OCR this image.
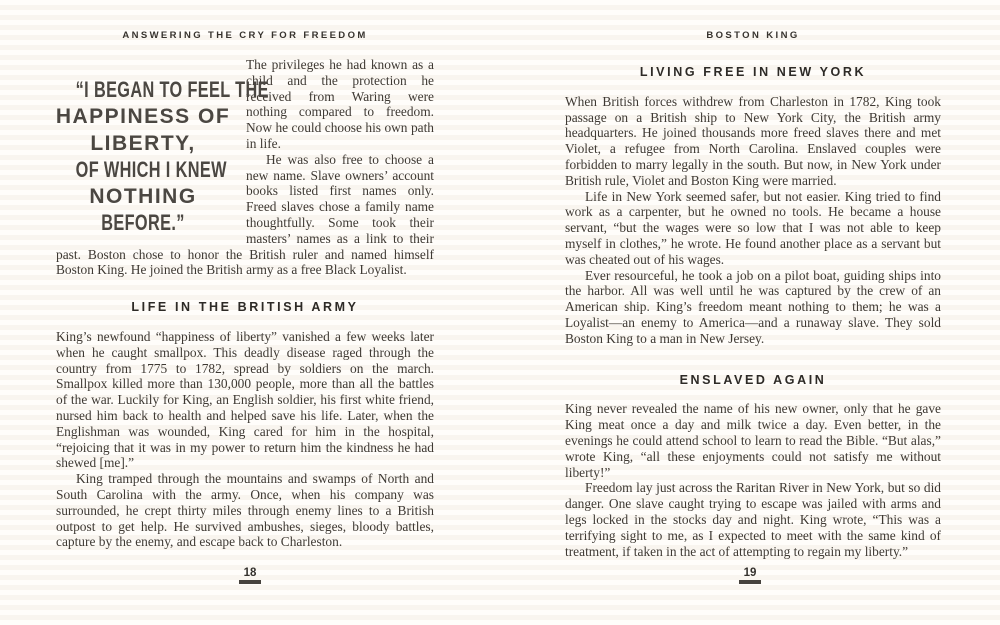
ANSWERING THE CRY FOR FREEDOM
“I BEGAN TO FEEL THE
HAPPINESS OF
LIBERTY,
OF WHICH I KNEW
NOTHING
BEFORE.”

The privileges he had known as a child and the protection he received from Waring were nothing compared to freedom. Now he could choose his own path in life.

He was also free to choose a new name. Slave owners’ account books listed first names only. Freed slaves chose a family name thoughtfully. Some took their masters’ names as a link to their past. Boston chose to honor the British ruler and named himself Boston King. He joined the British army as a free Black Loyalist.

LIFE IN THE BRITISH ARMY

King’s newfound “happiness of liberty” vanished a few weeks later when he caught smallpox. This deadly disease raged through the country from 1775 to 1782, spread by soldiers on the march. Smallpox killed more than 130,000 people, more than all the battles of the war. Luckily for King, an English soldier, his first white friend, nursed him back to health and helped save his life. Later, when the Englishman was wounded, King cared for him in the hospital, “rejoicing that it was in my power to return him the kindness he had shewed [me].”

King tramped through the mountains and swamps of North and South Carolina with the army. Once, when his company was surrounded, he crept thirty miles through enemy lines to a British outpost to get help. He survived ambushes, sieges, bloody battles, capture by the enemy, and escape back to Charleston.

18
BOSTON KING
LIVING FREE IN NEW YORK

When British forces withdrew from Charleston in 1782, King took passage on a British ship to New York City, the British army headquarters. He joined thousands more freed slaves there and met Violet, a refugee from North Carolina. Enslaved couples were forbidden to marry legally in the south. But now, in New York under British rule, Violet and Boston King were married.

Life in New York seemed safer, but not easier. King tried to find work as a carpenter, but he owned no tools. He became a house servant, “but the wages were so low that I was not able to keep myself in clothes,” he wrote. He found another place as a servant but was cheated out of his wages.

Ever resourceful, he took a job on a pilot boat, guiding ships into the harbor. All was well until he was captured by the crew of an American ship. King’s freedom meant nothing to them; he was a Loyalist—an enemy to America—and a runaway slave. They sold Boston King to a man in New Jersey.

ENSLAVED AGAIN

King never revealed the name of his new owner, only that he gave King meat once a day and milk twice a day. Even better, in the evenings he could attend school to learn to read the Bible. “But alas,” wrote King, “all these enjoyments could not satisfy me without liberty!”

Freedom lay just across the Raritan River in New York, but so did danger. One slave caught trying to escape was jailed with arms and legs locked in the stocks day and night. King wrote, “This was a terrifying sight to me, as I expected to meet with the same kind of treatment, if taken in the act of attempting to regain my liberty.”

19
